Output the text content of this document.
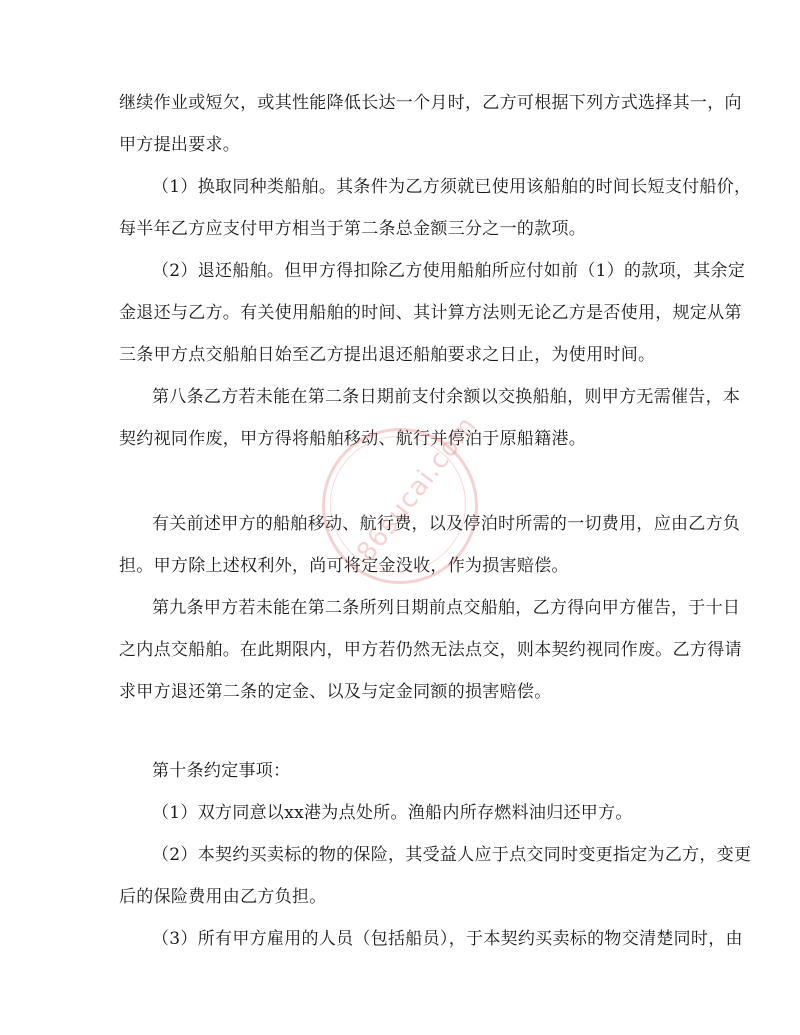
继续作业或短欠，或其性能降低长达一个月时，乙方可根据下列方式选择其一，向
甲方提出要求。
（1）换取同种类船舶。其条件为乙方须就已使用该船舶的时间长短支付船价，
每半年乙方应支付甲方相当于第二条总金额三分之一的款项。
（2）退还船舶。但甲方得扣除乙方使用船舶所应付如前（1）的款项，其余定
金退还与乙方。有关使用船舶的时间、其计算方法则无论乙方是否使用，规定从第
三条甲方点交船舶日始至乙方提出退还船舶要求之日止，为使用时间。
第八条乙方若未能在第二条日期前支付余额以交换船舶，则甲方无需催告，本
契约视同作废，甲方得将船舶移动、航行并停泊于原船籍港。
有关前述甲方的船舶移动、航行费，以及停泊时所需的一切费用，应由乙方负
担。甲方除上述权利外，尚可将定金没收，作为损害赔偿。
第九条甲方若未能在第二条所列日期前点交船舶，乙方得向甲方催告，于十日
之内点交船舶。在此期限内，甲方若仍然无法点交，则本契约视同作废。乙方得请
求甲方退还第二条的定金、以及与定金同额的损害赔偿。
第十条约定事项：
（1）双方同意以xx港为点处所。渔船内所存燃料油归还甲方。
（2）本契约买卖标的物的保险，其受益人应于点交同时变更指定为乙方，变更
后的保险费用由乙方负担。
（3）所有甲方雇用的人员（包括船员），于本契约买卖标的物交清楚同时，由
86sucai.com
